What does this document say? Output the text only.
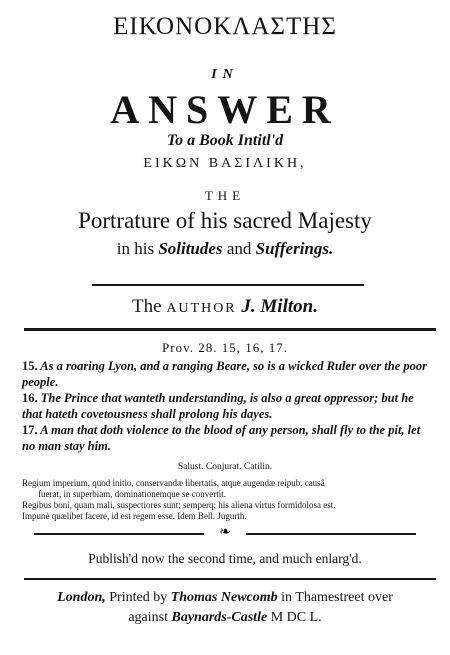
ΕΙΚΟΝΟΚΛΑΣΤΗΣ
IN
ANSWER
To a Book Intitl'd
ΕΙΚΩΝ ΒΑΣΙΛΙΚΗ,
THE
Portrature of his sacred Majesty
in his Solitudes and Sufferings.
The AUTHOR J. Milton.
Prov. 28. 15, 16, 17.
15. As a roaring Lyon, and a ranging Beare, so is a wicked Ruler over the poor people.
16. The Prince that wanteth understanding, is also a great oppressor; but he that hateth covetousness shall prolong his dayes.
17. A man that doth violence to the blood of any person, shall fly to the pit, let no man stay him.
Salust. Conjurat. Catilin.
Regium imperium, quod initio, conservandæ libertatis, atque augendæ reipub. causâ
fuerat, in superbiam, dominationemque se convertit.
Regibus boni, quam mali, suspectiores sunt; semperq; his aliena virtus formidolosa est.
Impunè quælibet facere, id est regem esse. Idem Bell. Jugurth.
❧
Publish'd now the second time, and much enlarg'd.
London, Printed by Thomas Newcomb in Thamestreet over
against Baynards-Castle M DC L.
